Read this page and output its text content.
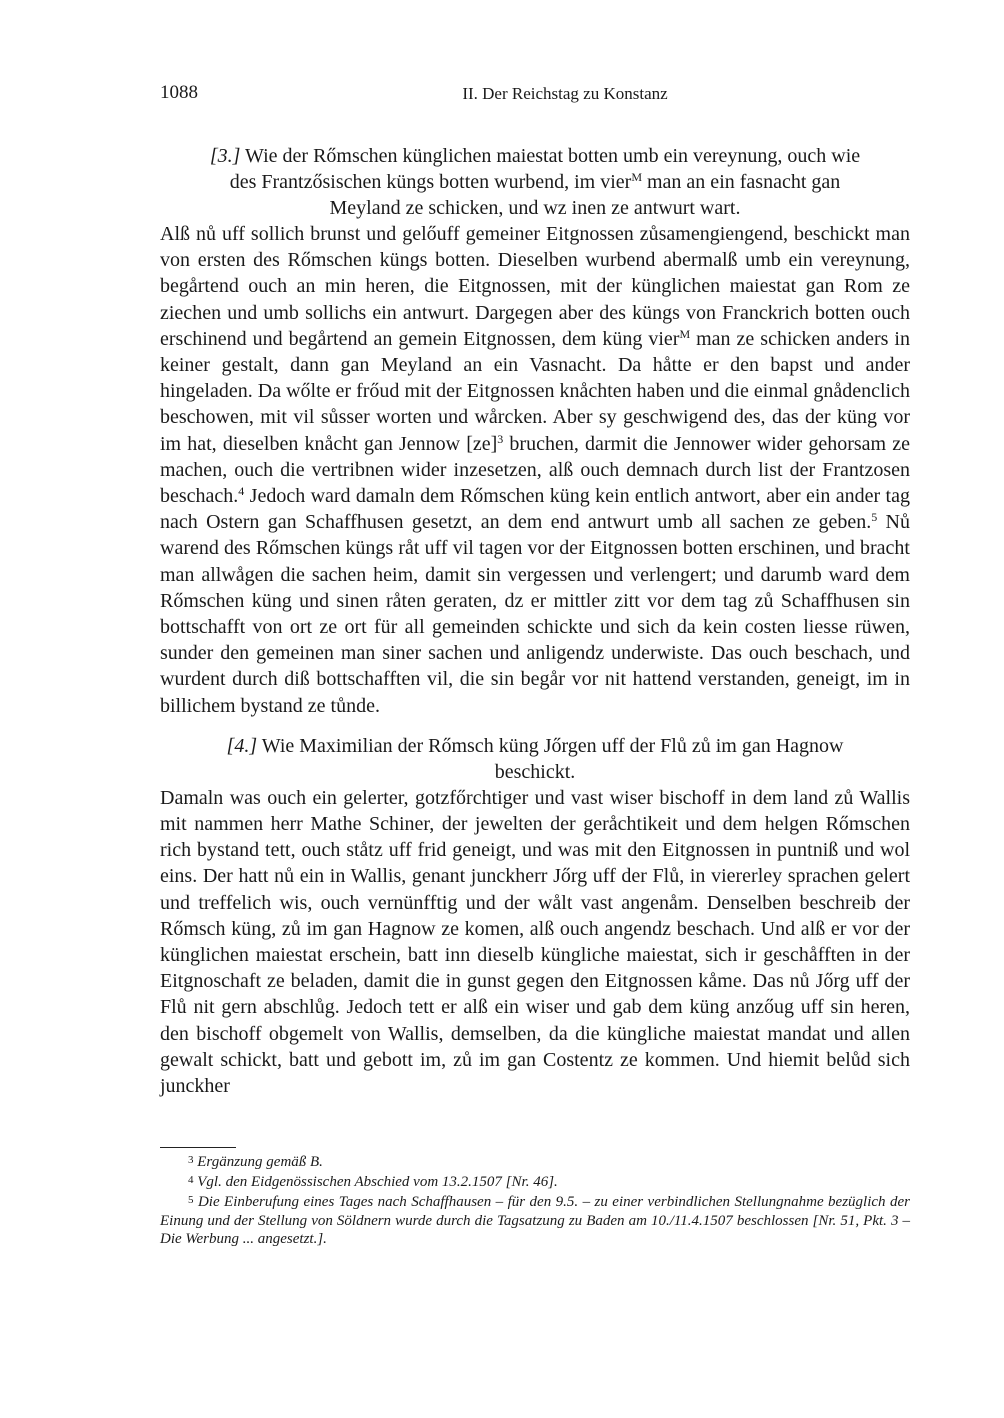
1088	II. Der Reichstag zu Konstanz

[3.] Wie der Rőmschen künglichen maiestat botten umb ein vereynung, ouch wie des Frantzősischen küngs botten wurbend, im vier$^M$ man an ein fasnacht gan Meyland ze schicken, und wz inen ze antwurt wart.

Alß nů uff sollich brunst und gelőuff gemeiner Eitgnossen zůsamengiengend, beschickt man von ersten des Rőmschen küngs botten. Dieselben wurbend abermalß umb ein vereynung, begårtend ouch an min heren, die Eitgnossen, mit der künglichen maiestat gan Rom ze ziechen und umb sollichs ein antwurt. Dargegen aber des küngs von Franckrich botten ouch erschinend und begårtend an gemein Eitgnossen, dem küng vier$^M$ man ze schicken anders in keiner gestalt, dann gan Meyland an ein Vasnacht. Da håtte er den bapst und ander hingeladen. Da wőlte er frőud mit der Eitgnossen knåchten haben und die einmal gnådenclich beschowen, mit vil sůsser worten und wårcken. Aber sy geschwigend des, das der küng vor im hat, dieselben knåcht gan Jennow [ze]$^3$ bruchen, darmit die Jennower wider gehorsam ze machen, ouch die vertribnen wider inzesetzen, alß ouch demnach durch list der Frantzosen beschach.$^4$ Jedoch ward damaln dem Rőmschen küng kein entlich antwort, aber ein ander tag nach Ostern gan Schaffhusen gesetzt, an dem end antwurt umb all sachen ze geben.$^5$ Nů warend des Rőmschen küngs råt uff vil tagen vor der Eitgnossen botten erschinen, und bracht man allwågen die sachen heim, damit sin vergessen und verlengert; und darumb ward dem Rőmschen küng und sinen råten geraten, dz er mittler zitt vor dem tag zů Schaffhusen sin bottschafft von ort ze ort für all gemeinden schickte und sich da kein costen liesse rüwen, sunder den gemeinen man siner sachen und anligendz underwiste. Das ouch beschach, und wurdent durch diß bottschafften vil, die sin begår vor nit hattend verstanden, geneigt, im in billichem bystand ze tůnde.

[4.] Wie Maximilian der Rőmsch küng Jőrgen uff der Flů zů im gan Hagnow beschickt.

Damaln was ouch ein gelerter, gotzfőrchtiger und vast wiser bischoff in dem land zů Wallis mit nammen herr Mathe Schiner, der jewelten der geråchtikeit und dem helgen Rőmschen rich bystand tett, ouch ståtz uff frid geneigt, und was mit den Eitgnossen in puntniß und wol eins. Der hatt nů ein in Wallis, genant junckherr Jőrg uff der Flů, in viererley sprachen gelert und treffelich wis, ouch vernünfftig und der wålt vast angenåm. Denselben beschreib der Rőmsch küng, zů im gan Hagnow ze komen, alß ouch angendz beschach. Und alß er vor der künglichen maiestat erschein, batt inn dieselb küngliche maiestat, sich ir geschåfften in der Eitgnoschaft ze beladen, damit die in gunst gegen den Eitgnossen kåme. Das nů Jőrg uff der Flů nit gern abschlůg. Jedoch tett er alß ein wiser und gab dem küng anzőug uff sin heren, den bischoff obgemelt von Wallis, demselben, da die küngliche maiestat mandat und allen gewalt schickt, batt und gebott im, zů im gan Costentz ze kommen. Und hiemit belůd sich junckher

$^3$ Ergänzung gemäß B.

$^4$ Vgl. den Eidgenössischen Abschied vom 13.2.1507 [Nr. 46].

$^5$ Die Einberufung eines Tages nach Schaffhausen – für den 9.5. – zu einer verbindlichen Stellungnahme bezüglich der Einung und der Stellung von Söldnern wurde durch die Tagsatzung zu Baden am 10./11.4.1507 beschlossen [Nr. 51, Pkt. 3 – Die Werbung ... angesetzt.].
